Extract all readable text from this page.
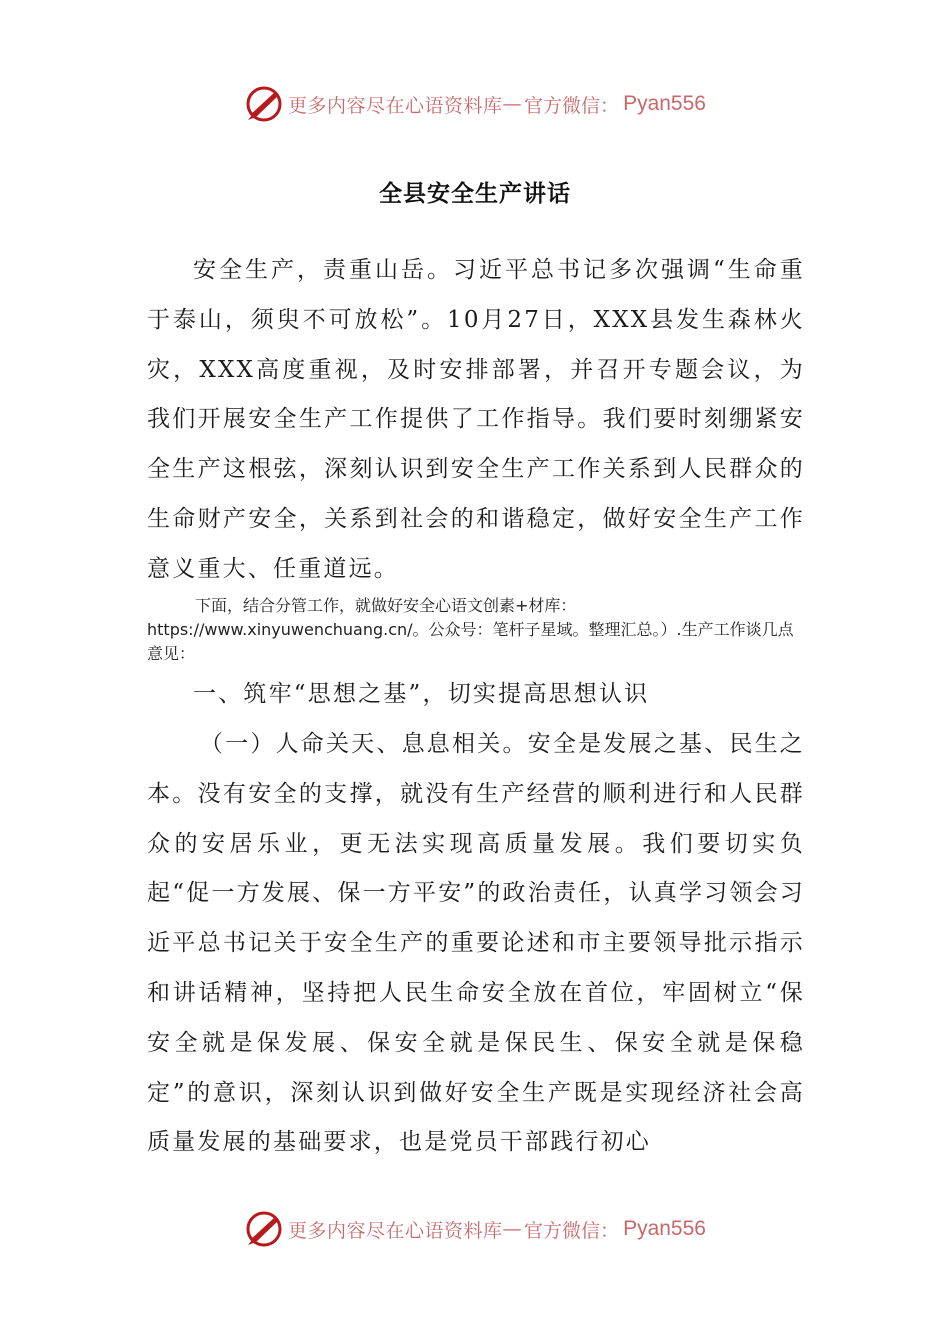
更多内容尽在心语资料库 — 官方微信： Pyan556
全县安全生产讲话

安全生产，责重山岳。习近平总书记多次强调“生命重于泰山，须臾不可放松”。10月27日，XXX县发生森林火灾，XXX高度重视，及时安排部署，并召开专题会议，为我们开展安全生产工作提供了工作指导。我们要时刻绷紧安全生产这根弦，深刻认识到安全生产工作关系到人民群众的生命财产安全，关系到社会的和谐稳定，做好安全生产工作意义重大、任重道远。

下面，结合分管工作，就做好安全心语文创素+材库：https://www.xinyuwenchuang.cn/。公众号：笔杆子星域。整理汇总。）.生产工作谈几点意见：

一、筑牢“思想之基”，切实提高思想认识

（一）人命关天、息息相关。安全是发展之基、民生之本。没有安全的支撑，就没有生产经营的顺利进行和人民群众的安居乐业，更无法实现高质量发展。我们要切实负起“促一方发展、保一方平安”的政治责任，认真学习领会习近平总书记关于安全生产的重要论述和市主要领导批示指示和讲话精神，坚持把人民生命安全放在首位，牢固树立“保安全就是保发展、保安全就是保民生、保安全就是保稳定”的意识，深刻认识到做好安全生产既是实现经济社会高质量发展的基础要求，也是党员干部践行初心

更多内容尽在心语资料库 — 官方微信： Pyan556
